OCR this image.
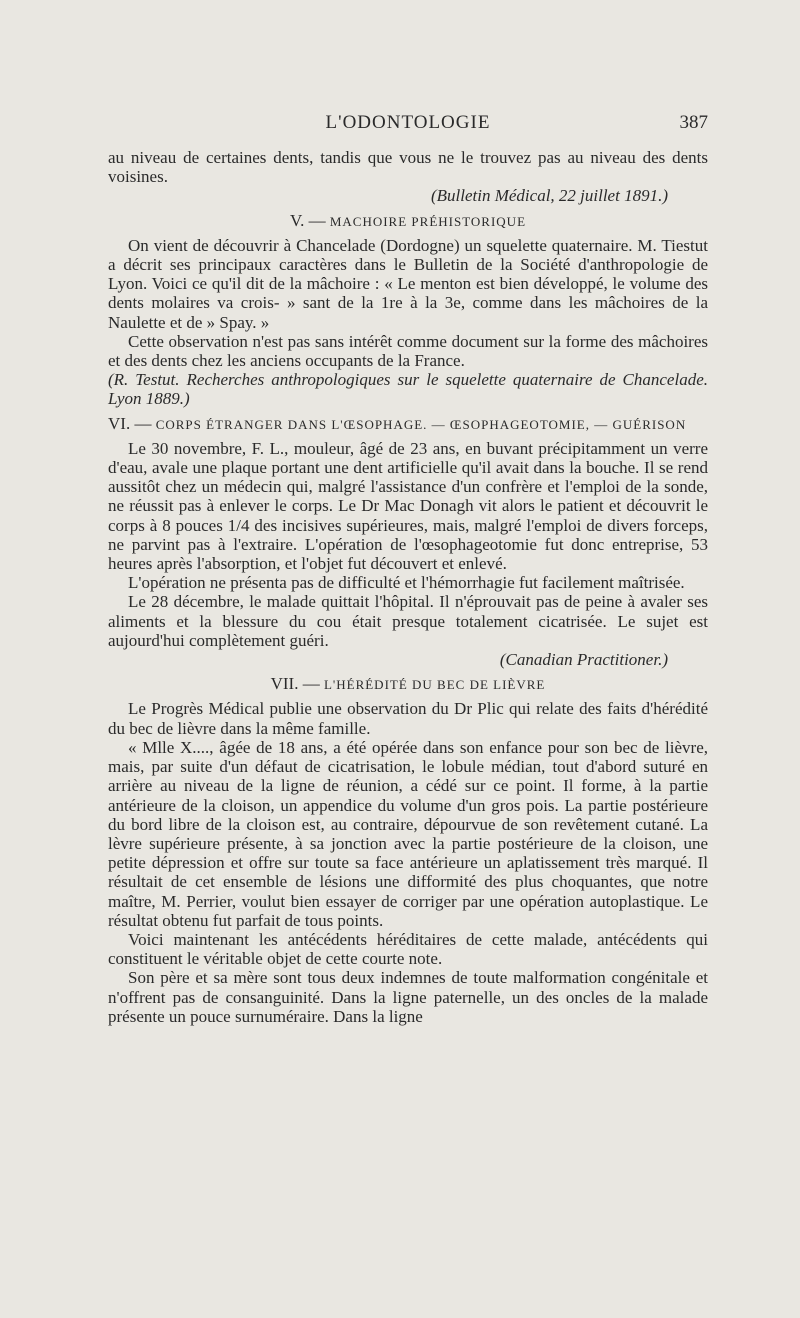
L'ODONTOLOGIE	387

au niveau de certaines dents, tandis que vous ne le trouvez pas au niveau des dents voisines.

(Bulletin Médical, 22 juillet 1891.)

V. — MACHOIRE PRÉHISTORIQUE

On vient de découvrir à Chancelade (Dordogne) un squelette quaternaire. M. Tiestut a décrit ses principaux caractères dans le Bulletin de la Société d'anthropologie de Lyon. Voici ce qu'il dit de la mâchoire : « Le menton est bien développé, le volume des dents molaires va crois- » sant de la 1re à la 3e, comme dans les mâchoires de la Naulette et de » Spay. »

Cette observation n'est pas sans intérêt comme document sur la forme des mâchoires et des dents chez les anciens occupants de la France.

(R. Testut. Recherches anthropologiques sur le squelette quaternaire de Chancelade. Lyon 1889.)

VI. — CORPS ÉTRANGER DANS L'ŒSOPHAGE. — ŒSOPHAGEOTOMIE, — GUÉRISON

Le 30 novembre, F. L., mouleur, âgé de 23 ans, en buvant précipitamment un verre d'eau, avale une plaque portant une dent artificielle qu'il avait dans la bouche. Il se rend aussitôt chez un médecin qui, malgré l'assistance d'un confrère et l'emploi de la sonde, ne réussit pas à enlever le corps. Le Dr Mac Donagh vit alors le patient et découvrit le corps à 8 pouces 1/4 des incisives supérieures, mais, malgré l'emploi de divers forceps, ne parvint pas à l'extraire. L'opération de l'œsophageotomie fut donc entreprise, 53 heures après l'absorption, et l'objet fut découvert et enlevé.

L'opération ne présenta pas de difficulté et l'hémorrhagie fut facilement maîtrisée.

Le 28 décembre, le malade quittait l'hôpital. Il n'éprouvait pas de peine à avaler ses aliments et la blessure du cou était presque totalement cicatrisée. Le sujet est aujourd'hui complètement guéri.

(Canadian Practitioner.)

VII. — L'HÉRÉDITÉ DU BEC DE LIÈVRE

Le Progrès Médical publie une observation du Dr Plic qui relate des faits d'hérédité du bec de lièvre dans la même famille.

« Mlle X...., âgée de 18 ans, a été opérée dans son enfance pour son bec de lièvre, mais, par suite d'un défaut de cicatrisation, le lobule médian, tout d'abord suturé en arrière au niveau de la ligne de réunion, a cédé sur ce point. Il forme, à la partie antérieure de la cloison, un appendice du volume d'un gros pois. La partie postérieure du bord libre de la cloison est, au contraire, dépourvue de son revêtement cutané. La lèvre supérieure présente, à sa jonction avec la partie postérieure de la cloison, une petite dépression et offre sur toute sa face antérieure un aplatissement très marqué. Il résultait de cet ensemble de lésions une difformité des plus choquantes, que notre maître, M. Perrier, voulut bien essayer de corriger par une opération autoplastique. Le résultat obtenu fut parfait de tous points.

Voici maintenant les antécédents héréditaires de cette malade, antécédents qui constituent le véritable objet de cette courte note.

Son père et sa mère sont tous deux indemnes de toute malformation congénitale et n'offrent pas de consanguinité. Dans la ligne paternelle, un des oncles de la malade présente un pouce surnuméraire. Dans la ligne
